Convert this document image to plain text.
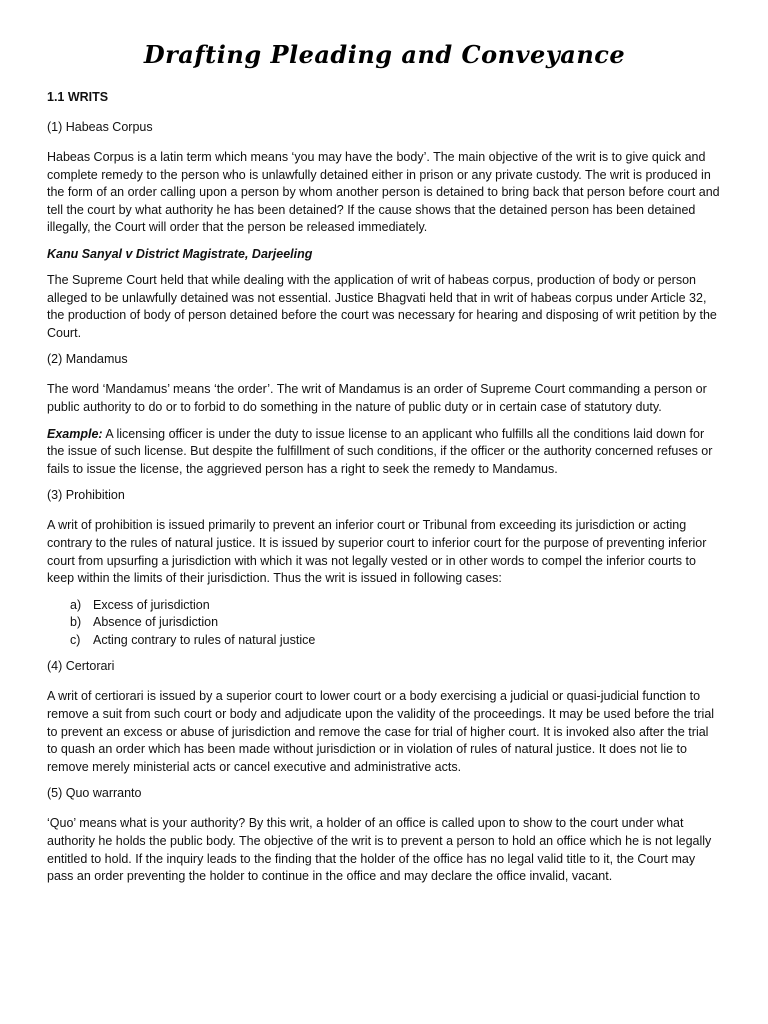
Drafting Pleading and Conveyance
1.1 WRITS
(1) Habeas Corpus

Habeas Corpus is a latin term which means ‘you may have the body’. The main objective of the writ is to give quick and complete remedy to the person who is unlawfully detained either in prison or any private custody. The writ is produced in the form of an order calling upon a person by whom another person is detained to bring back that person before court and tell the court by what authority he has been detained? If the cause shows that the detained person has been detained illegally, the Court will order that the person be released immediately.

Kanu Sanyal v District Magistrate, Darjeeling

The Supreme Court held that while dealing with the application of writ of habeas corpus, production of body or person alleged to be unlawfully detained was not essential. Justice Bhagvati held that in writ of habeas corpus under Article 32, the production of body of person detained before the court was necessary for hearing and disposing of writ petition by the Court.

(2) Mandamus

The word ‘Mandamus’ means ‘the order’. The writ of Mandamus is an order of Supreme Court commanding a person or public authority to do or to forbid to do something in the nature of public duty or in certain case of statutory duty.

Example: A licensing officer is under the duty to issue license to an applicant who fulfills all the conditions laid down for the issue of such license. But despite the fulfillment of such conditions, if the officer or the authority concerned refuses or fails to issue the license, the aggrieved person has a right to seek the remedy to Mandamus.

(3) Prohibition

A writ of prohibition is issued primarily to prevent an inferior court or Tribunal from exceeding its jurisdiction or acting contrary to the rules of natural justice. It is issued by superior court to inferior court for the purpose of preventing inferior court from upsurfing a jurisdiction with which it was not legally vested or in other words to compel the inferior courts to keep within the limits of their jurisdiction. Thus the writ is issued in following cases:

a) Excess of jurisdiction
b) Absence of jurisdiction
c)	Acting contrary to rules of natural justice
(4) Certorari

A writ of certiorari is issued by a superior court to lower court or a body exercising a judicial or quasi-judicial function to remove a suit from such court or body and adjudicate upon the validity of the proceedings. It may be used before the trial to prevent an excess or abuse of jurisdiction and remove the case for trial of higher court. It is invoked also after the trial to quash an order which has been made without jurisdiction or in violation of rules of natural justice. It does not lie to remove merely ministerial acts or cancel executive and administrative acts.

(5) Quo warranto

‘Quo’ means what is your authority? By this writ, a holder of an office is called upon to show to the court under what authority he holds the public body. The objective of the writ is to prevent a person to hold an office which he is not legally entitled to hold. If the inquiry leads to the finding that the holder of the office has no legal valid title to it, the Court may pass an order preventing the holder to continue in the office and may declare the office invalid, vacant.
